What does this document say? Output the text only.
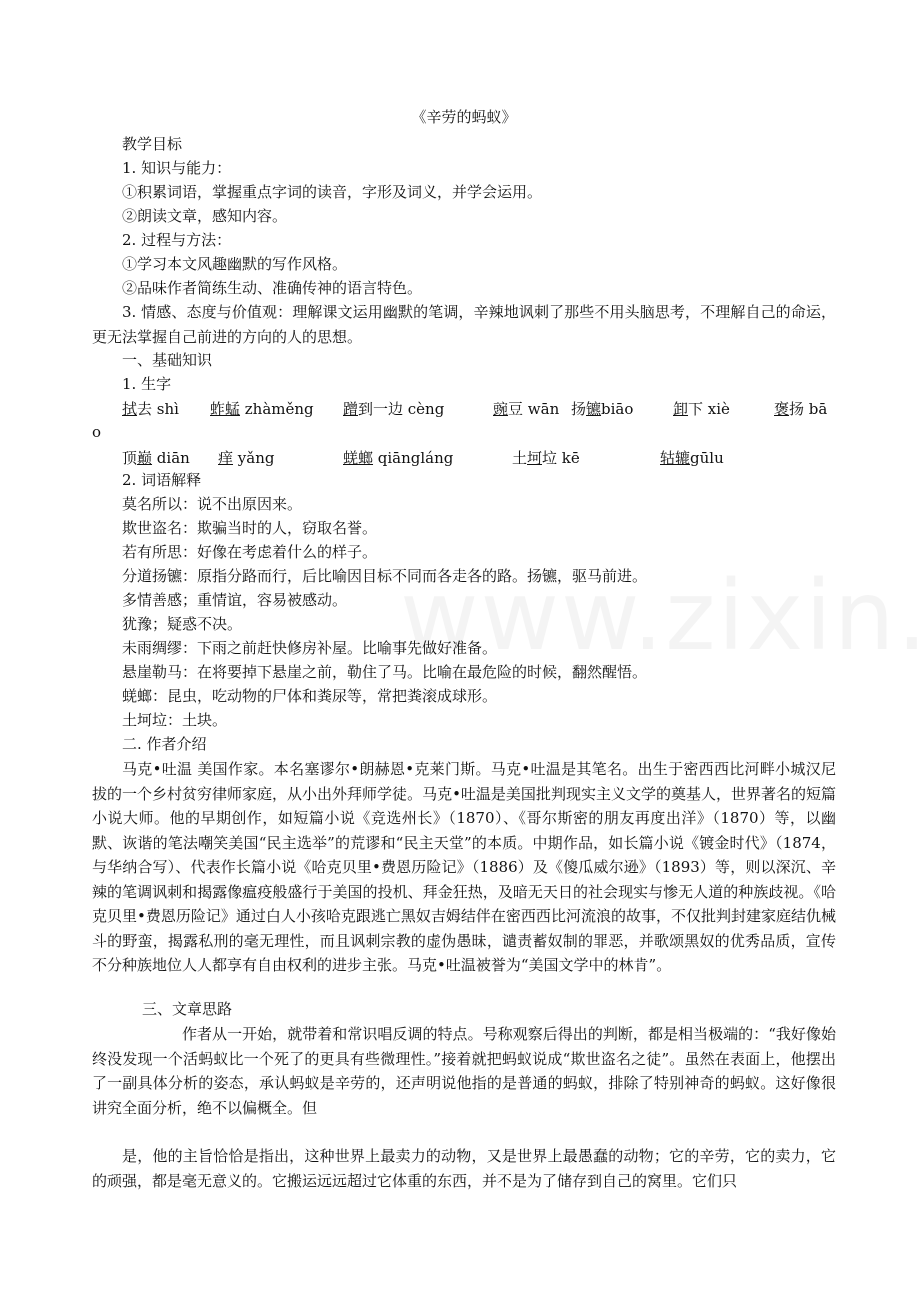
《辛劳的蚂蚁》
教学目标
1. 知识与能力：
①积累词语，掌握重点字词的读音，字形及词义，并学会运用。
②朗读文章，感知内容。
2. 过程与方法：
①学习本文风趣幽默的写作风格。
②品味作者简练生动、准确传神的语言特色。
3. 情感、态度与价值观：理解课文运用幽默的笔调，辛辣地讽刺了那些不用头脑思考，不理解自己的命运，更无法掌握自己前进的方向的人的思想。
一、基础知识
1. 生字
拭去 shì 蚱蜢 zhàměng 蹭到一边 cèng	豌豆 wān 扬镳biāo	卸下 xiè	褒扬 bā
o
顶巅 diān 痒 yǎng	蜣螂 qiāngláng	土坷垃 kē	轱辘gūlu
2. 词语解释
莫名所以：说不出原因来。
欺世盗名：欺骗当时的人，窃取名誉。
若有所思：好像在考虑着什么的样子。
分道扬镳：原指分路而行，后比喻因目标不同而各走各的路。扬镳，驱马前进。
多情善感；重情谊，容易被感动。
犹豫；疑惑不决。
未雨绸缪：下雨之前赶快修房补屋。比喻事先做好准备。
悬崖勒马：在将要掉下悬崖之前，勒住了马。比喻在最危险的时候，翻然醒悟。
蜣螂：昆虫，吃动物的尸体和粪尿等，常把粪滚成球形。
土坷垃：土块。
二. 作者介绍
马克•吐温 美国作家。本名塞谬尔•朗赫恩•克莱门斯。马克•吐温是其笔名。出生于密西西比河畔小城汉尼拔的一个乡村贫穷律师家庭，从小出外拜师学徒。马克•吐温是美国批判现实主义文学的奠基人，世界著名的短篇小说大师。他的早期创作，如短篇小说《竞选州长》（1870）、《哥尔斯密的朋友再度出洋》（1870）等，以幽默、诙谐的笔法嘲笑美国“民主选举”的荒谬和“民主天堂”的本质。中期作品，如长篇小说《镀金时代》（1874，与华纳合写）、代表作长篇小说《哈克贝里•费恩历险记》（1886）及《傻瓜威尔逊》（1893）等，则以深沉、辛辣的笔调讽刺和揭露像瘟疫般盛行于美国的投机、拜金狂热，及暗无天日的社会现实与惨无人道的种族歧视。《哈克贝里•费恩历险记》通过白人小孩哈克跟逃亡黑奴吉姆结伴在密西西比河流浪的故事，不仅批判封建家庭结仇械斗的野蛮，揭露私刑的毫无理性，而且讽刺宗教的虚伪愚昧，谴责蓄奴制的罪恶，并歌颂黑奴的优秀品质，宣传不分种族地位人人都享有自由权利的进步主张。马克•吐温被誉为“美国文学中的林肯”。
三、文章思路
作者从一开始，就带着和常识唱反调的特点。号称观察后得出的判断，都是相当极端的：“我好像始终没发现一个活蚂蚁比一个死了的更具有些微理性。”接着就把蚂蚁说成“欺世盗名之徒”。虽然在表面上，他摆出了一副具体分析的姿态，承认蚂蚁是辛劳的，还声明说他指的是普通的蚂蚁，排除了特别神奇的蚂蚁。这好像很讲究全面分析，绝不以偏概全。但
是，他的主旨恰恰是指出，这种世界上最卖力的动物，又是世界上最愚蠢的动物；它的辛劳，它的卖力，它的顽强，都是毫无意义的。它搬运远远超过它体重的东西，并不是为了储存到自己的窝里。它们只
